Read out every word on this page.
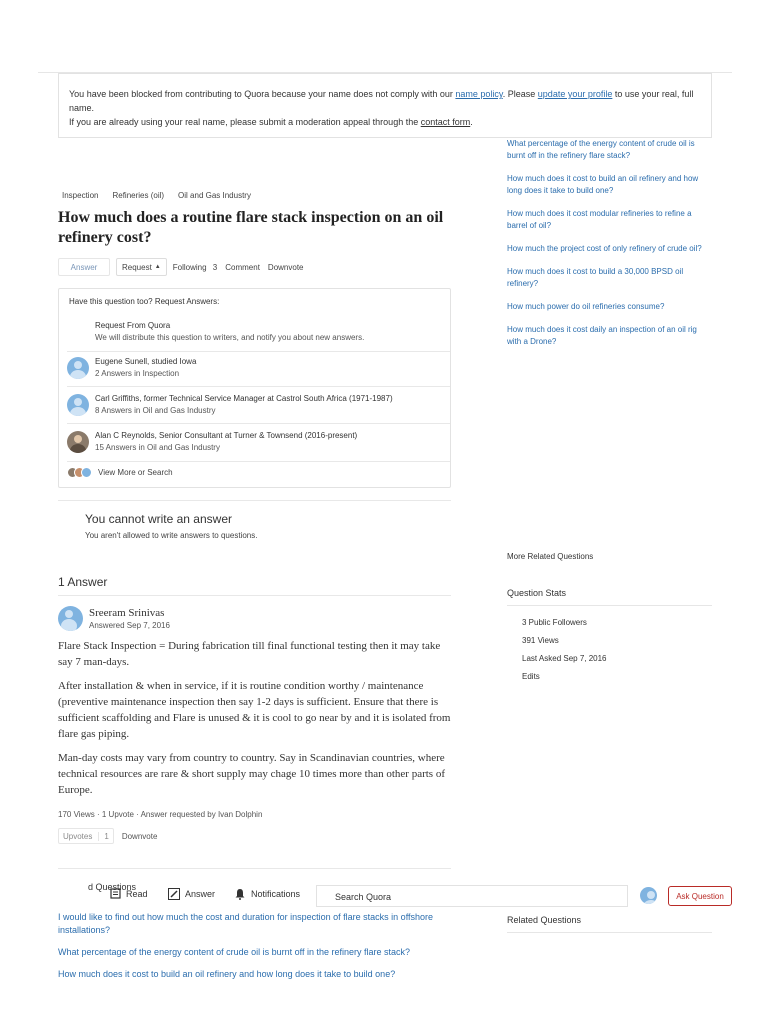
What percentage of the energy content of crude oil is burnt off in the refinery flare stack?
How much does it cost to build an oil refinery and how long does it take to build one?
How much does it cost modular refineries to refine a barrel of oil?
How much the project cost of only refinery of crude oil?
How much does it cost to build a 30,000 BPSD oil refinery?
How much power do oil refineries consume?
How much does it cost daily an inspection of an oil rig with a Drone?
You have been blocked from contributing to Quora because your name does not comply with our name policy. Please update your profile to use your real, full name.
If you are already using your real name, please submit a moderation appeal through the contact form.
Inspection Refineries (oil) Oil and Gas Industry
How much does a routine flare stack inspection on an oil refinery cost?
Answer	Request ▲ Following 3 Comment Downvote
Have this question too? Request Answers:
Request From Quora
We will distribute this question to writers, and notify you about new answers.
Eugene Sunell, studied Iowa
2 Answers in Inspection
Carl Griffiths, former Technical Service Manager at Castrol South Africa (1971-1987)
8 Answers in Oil and Gas Industry
Alan C Reynolds, Senior Consultant at Turner & Townsend (2016-present)
15 Answers in Oil and Gas Industry
View More or Search
You cannot write an answer
You aren't allowed to write answers to questions.
1 Answer
Sreeram Srinivas
Answered Sep 7, 2016

Flare Stack Inspection = During fabrication till final functional testing then it may take say 7 man-days.

After installation & when in service, if it is routine condition worthy / maintenance (preventive maintenance inspection then say 1-2 days is sufficient. Ensure that there is sufficient scaffolding and Flare is unused & it is cool to go near by and it is isolated from flare gas piping.

Man-day costs may vary from country to country. Say in Scandinavian countries, where technical resources are rare & short supply may chage 10 times more than other parts of Europe.

170 Views · 1 Upvote · Answer requested by Ivan Dolphin
Upvotes	1 Downvote
d Questions
Read	Answer	Notifications	Search Quora	Ask Question
I would like to find out how much the cost and duration for inspection of flare stacks in offshore installations?
What percentage of the energy content of crude oil is burnt off in the refinery flare stack?
How much does it cost to build an oil refinery and how long does it take to build one?
More Related Questions
Question Stats
3 Public Followers
391 Views
Last Asked Sep 7, 2016
Edits
Related Questions
